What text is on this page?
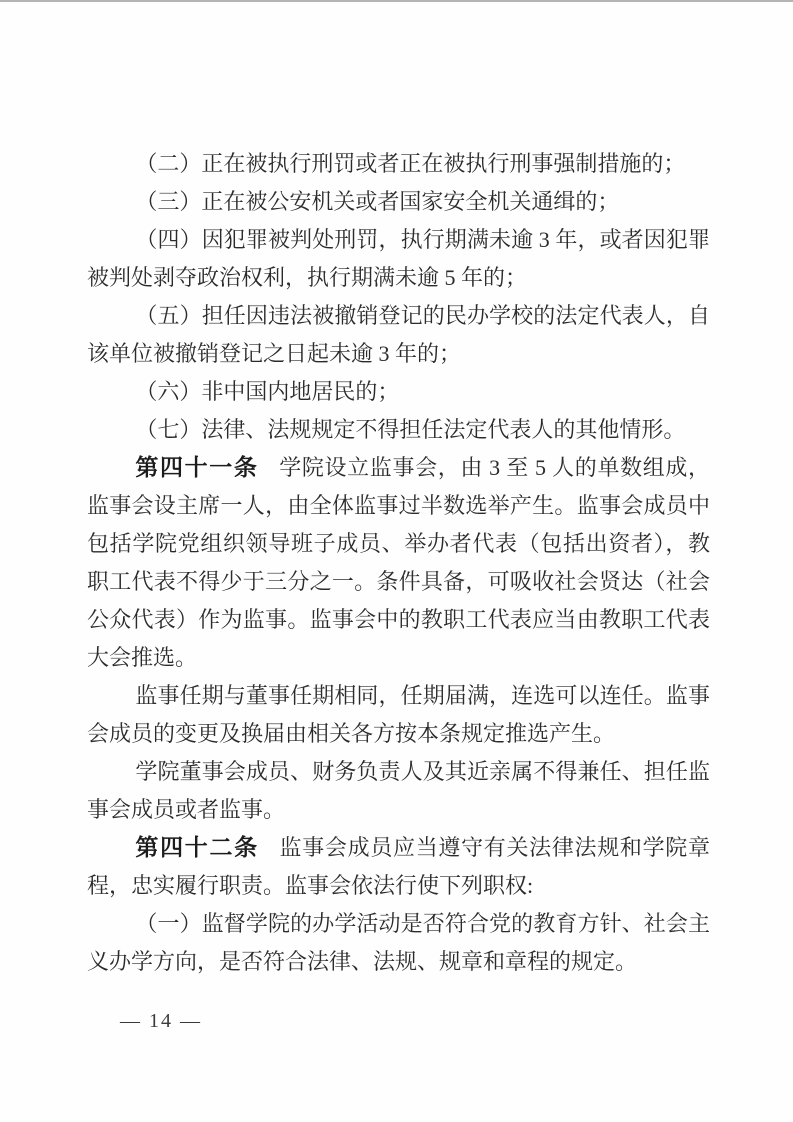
（二）正在被执行刑罚或者正在被执行刑事强制措施的；

（三）正在被公安机关或者国家安全机关通缉的；

（四）因犯罪被判处刑罚，执行期满未逾 3 年，或者因犯罪被判处剥夺政治权利，执行期满未逾 5 年的；

（五）担任因违法被撤销登记的民办学校的法定代表人，自该单位被撤销登记之日起未逾 3 年的；

（六）非中国内地居民的；

（七）法律、法规规定不得担任法定代表人的其他情形。

第四十一条 学院设立监事会，由 3 至 5 人的单数组成，监事会设主席一人，由全体监事过半数选举产生。监事会成员中包括学院党组织领导班子成员、举办者代表（包括出资者），教职工代表不得少于三分之一。条件具备，可吸收社会贤达（社会公众代表）作为监事。监事会中的教职工代表应当由教职工代表大会推选。

监事任期与董事任期相同，任期届满，连选可以连任。监事会成员的变更及换届由相关各方按本条规定推选产生。

学院董事会成员、财务负责人及其近亲属不得兼任、担任监事会成员或者监事。

第四十二条 监事会成员应当遵守有关法律法规和学院章程，忠实履行职责。监事会依法行使下列职权:

（一）监督学院的办学活动是否符合党的教育方针、社会主义办学方向，是否符合法律、法规、规章和章程的规定。

— 14 —
